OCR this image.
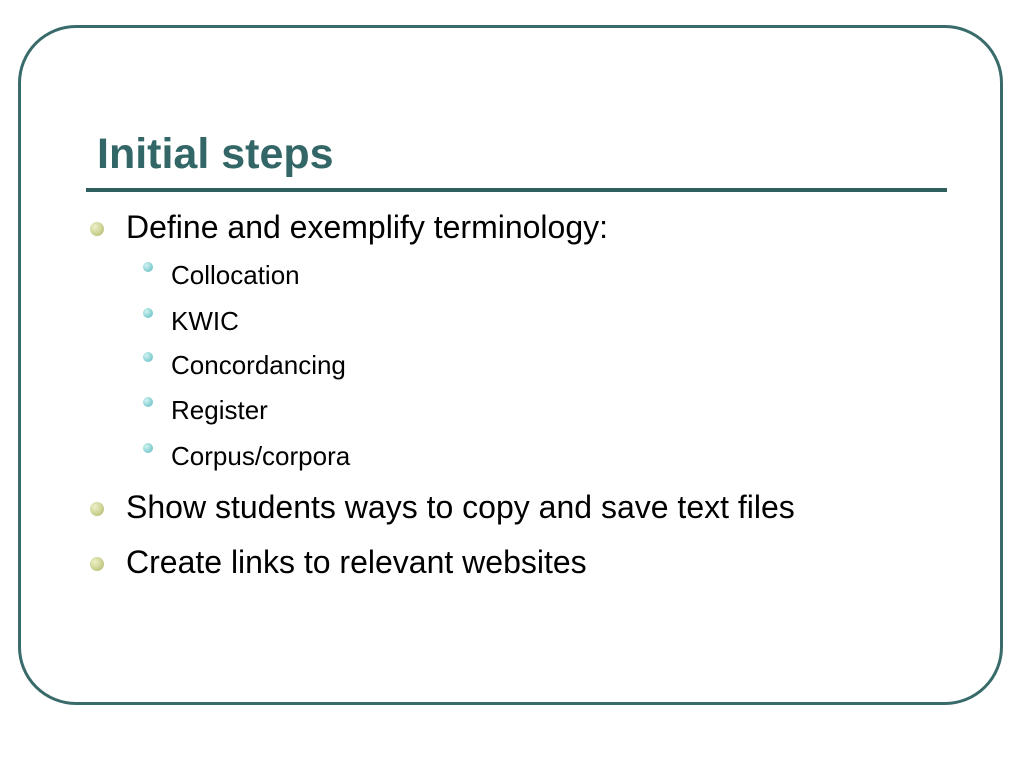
Initial steps
Define and exemplify terminology:
Collocation
KWIC
Concordancing
Register
Corpus/corpora
Show students ways to copy and save text files
Create links to relevant websites
